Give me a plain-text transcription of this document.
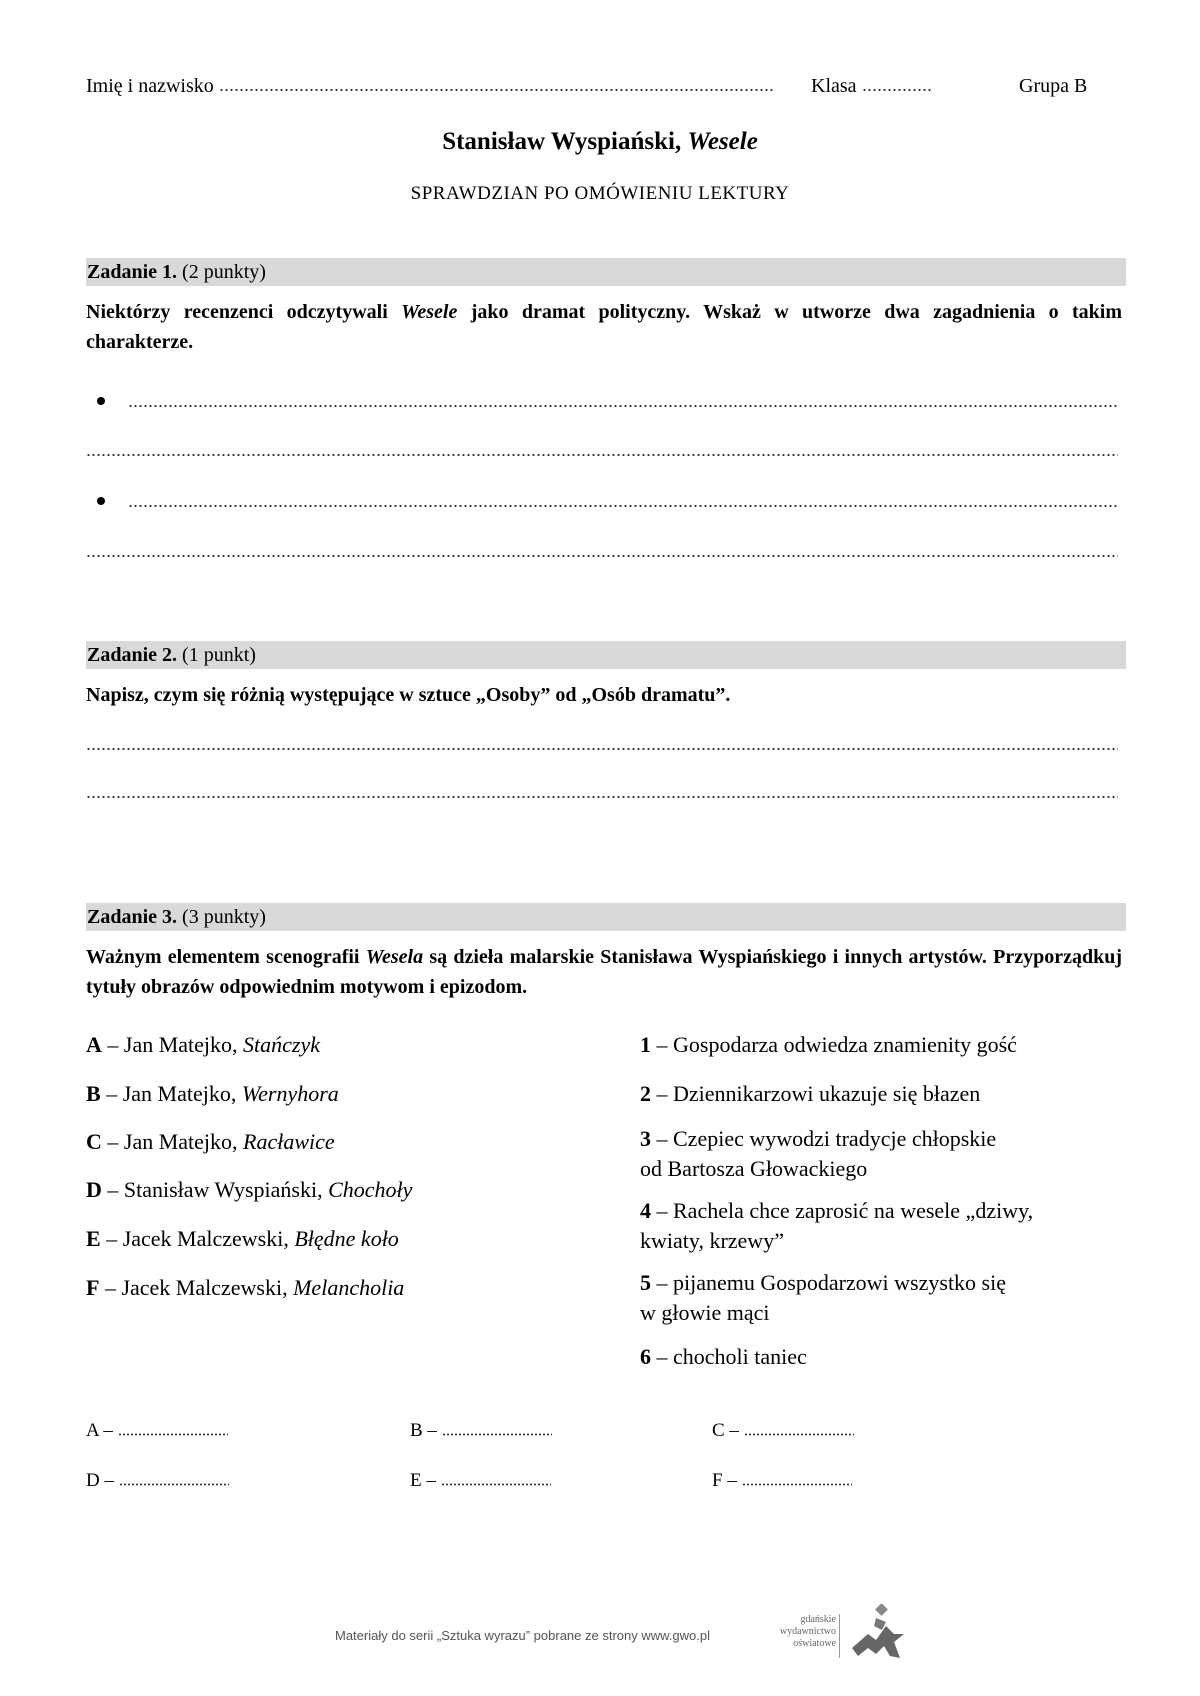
Imię i nazwisko	Klasa	Grupa B
Stanisław Wyspiański, Wesele
SPRAWDZIAN PO OMÓWIENIU LEKTURY
Zadanie 1. (2 punkty)
Niektórzy recenzenci odczytywali Wesele jako dramat polityczny. Wskaż w utworze dwa zagadnienia o takim charakterze.
Zadanie 2. (1 punkt)
Napisz, czym się różnią występujące w sztuce „Osoby” od „Osób dramatu”.
Zadanie 3. (3 punkty)
Ważnym elementem scenografii Wesela są dzieła malarskie Stanisława Wyspiańskiego i innych artystów. Przyporządkuj tytuły obrazów odpowiednim motywom i epizodom.
A – Jan Matejko, Stańczyk
B – Jan Matejko, Wernyhora
C – Jan Matejko, Racławice
D – Stanisław Wyspiański, Chochoły
E – Jacek Malczewski, Błędne koło
F – Jacek Malczewski, Melancholia
1 – Gospodarza odwiedza znamienity gość
2 – Dziennikarzowi ukazuje się błazen
3 – Czepiec wywodzi tradycje chłopskie
od Bartosza Głowackiego
4 – Rachela chce zaprosić na wesele „dziwy,
kwiaty, krzewy”
5 – pijanemu Gospodarzowi wszystko się
w głowie mąci
6 – chocholi taniec
A –	B –	C –
D –	E –	F –
Materiały do serii „Sztuka wyrazu” pobrane ze strony www.gwo.pl
gdańskie
wydawnictwo
oświatowe
